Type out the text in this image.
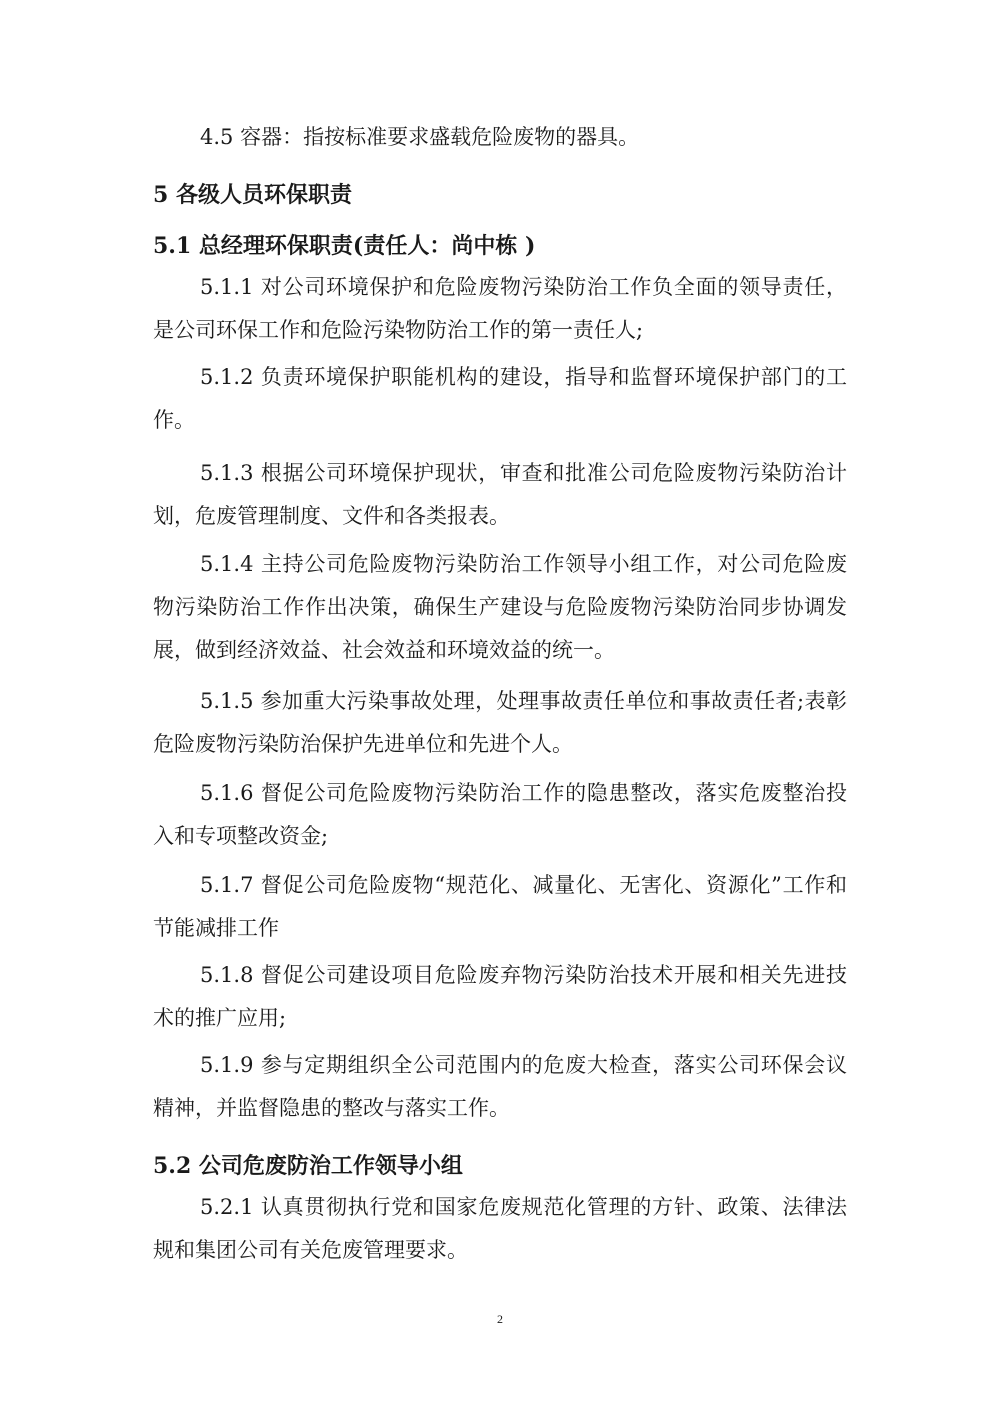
4.5 容器：指按标准要求盛载危险废物的器具。

5 各级人员环保职责
5.1 总经理环保职责(责任人：尚中栋 )

5.1.1 对公司环境保护和危险废物污染防治工作负全面的领导责任，是公司环保工作和危险污染物防治工作的第一责任人;

5.1.2 负责环境保护职能机构的建设，指导和监督环境保护部门的工作。

5.1.3 根据公司环境保护现状，审查和批准公司危险废物污染防治计划，危废管理制度、文件和各类报表。

5.1.4 主持公司危险废物污染防治工作领导小组工作，对公司危险废物污染防治工作作出决策，确保生产建设与危险废物污染防治同步协调发展，做到经济效益、社会效益和环境效益的统一。

5.1.5 参加重大污染事故处理，处理事故责任单位和事故责任者;表彰危险废物污染防治保护先进单位和先进个人。

5.1.6 督促公司危险废物污染防治工作的隐患整改，落实危废整治投入和专项整改资金;

5.1.7 督促公司危险废物“规范化、减量化、无害化、资源化”工作和节能减排工作

5.1.8 督促公司建设项目危险废弃物污染防治技术开展和相关先进技术的推广应用;

5.1.9 参与定期组织全公司范围内的危废大检查，落实公司环保会议精神，并监督隐患的整改与落实工作。

5.2 公司危废防治工作领导小组

5.2.1 认真贯彻执行党和国家危废规范化管理的方针、政策、法律法规和集团公司有关危废管理要求。

2
